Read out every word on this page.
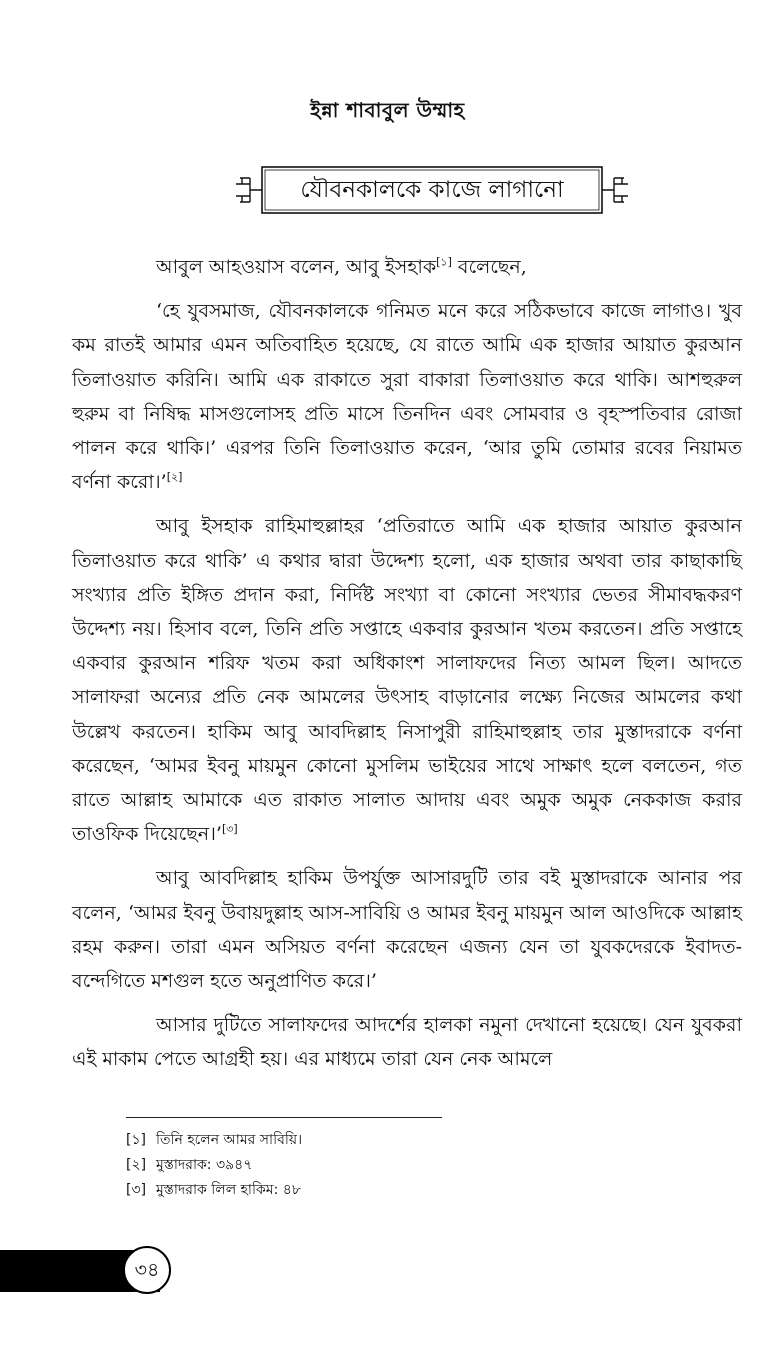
ইন্না শাবাবুল উম্মাহ
যৌবনকালকে কাজে লাগানো

আবুল আহওয়াস বলেন, আবু ইসহাক[১] বলেছেন,

‘হে যুবসমাজ, যৌবনকালকে গনিমত মনে করে সঠিকভাবে কাজে লাগাও। খুব কম রাতই আমার এমন অতিবাহিত হয়েছে, যে রাতে আমি এক হাজার আয়াত কুরআন তিলাওয়াত করিনি। আমি এক রাকাতে সুরা বাকারা তিলাওয়াত করে থাকি। আশহুরুল হুরুম বা নিষিদ্ধ মাসগুলোসহ প্রতি মাসে তিনদিন এবং সোমবার ও বৃহস্পতিবার রোজা পালন করে থাকি।’ এরপর তিনি তিলাওয়াত করেন, ‘আর তুমি তোমার রবের নিয়ামত বর্ণনা করো।’[২]

আবু ইসহাক রাহিমাহুল্লাহর ‘প্রতিরাতে আমি এক হাজার আয়াত কুরআন তিলাওয়াত করে থাকি’ এ কথার দ্বারা উদ্দেশ্য হলো, এক হাজার অথবা তার কাছাকাছি সংখ্যার প্রতি ইঙ্গিত প্রদান করা, নির্দিষ্ট সংখ্যা বা কোনো সংখ্যার ভেতর সীমাবদ্ধকরণ উদ্দেশ্য নয়। হিসাব বলে, তিনি প্রতি সপ্তাহে একবার কুরআন খতম করতেন। প্রতি সপ্তাহে একবার কুরআন শরিফ খতম করা অধিকাংশ সালাফদের নিত্য আমল ছিল। আদতে সালাফরা অন্যের প্রতি নেক আমলের উৎসাহ বাড়ানোর লক্ষ্যে নিজের আমলের কথা উল্লেখ করতেন। হাকিম আবু আবদিল্লাহ নিসাপুরী রাহিমাহুল্লাহ তার মুস্তাদরাকে বর্ণনা করেছেন, ‘আমর ইবনু মায়মুন কোনো মুসলিম ভাইয়ের সাথে সাক্ষাৎ হলে বলতেন, গত রাতে আল্লাহ আমাকে এত রাকাত সালাত আদায় এবং অমুক অমুক নেককাজ করার তাওফিক দিয়েছেন।’[৩]

আবু আবদিল্লাহ হাকিম উপর্যুক্ত আসারদুটি তার বই মুস্তাদরাকে আনার পর বলেন, ‘আমর ইবনু উবায়দুল্লাহ আস-সাবিয়ি ও আমর ইবনু মায়মুন আল আওদিকে আল্লাহ রহম করুন। তারা এমন অসিয়ত বর্ণনা করেছেন এজন্য যেন তা যুবকদেরকে ইবাদত-বন্দেগিতে মশগুল হতে অনুপ্রাণিত করে।’

আসার দুটিতে সালাফদের আদর্শের হালকা নমুনা দেখানো হয়েছে। যেন যুবকরা এই মাকাম পেতে আগ্রহী হয়। এর মাধ্যমে তারা যেন নেক আমলে

[১] তিনি হলেন আমর সাবিয়ি।
[২] মুস্তাদরাক: ৩৯৪৭
[৩] মুস্তাদরাক লিল হাকিম: ৪৮
৩৪
